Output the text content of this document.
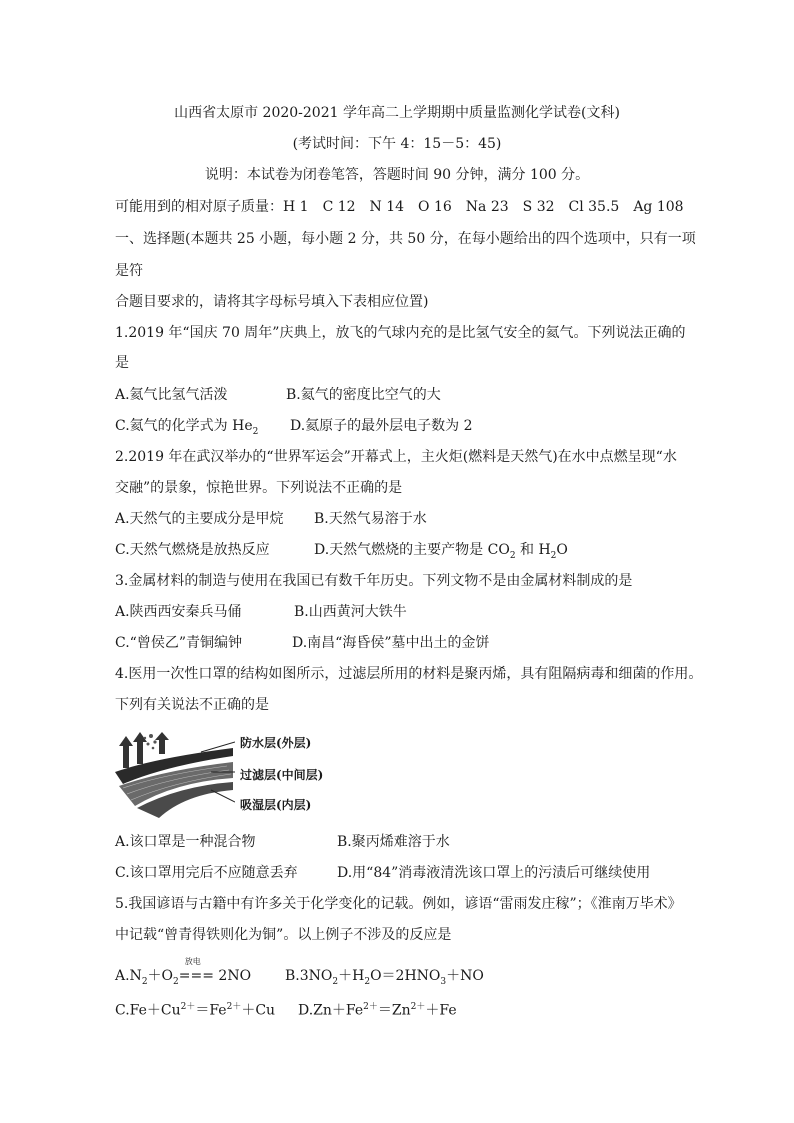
山西省太原市 2020-2021 学年高二上学期期中质量监测化学试卷(文科)
(考试时间：下午 4：15－5：45)
说明：本试卷为闭卷笔答，答题时间 90 分钟，满分 100 分。
可能用到的相对原子质量：H 1　C 12　N 14　O 16　Na 23　S 32　Cl 35.5　Ag 108
一、选择题(本题共 25 小题，每小题 2 分，共 50 分，在每小题给出的四个选项中，只有一项
是符
合题目要求的，请将其字母标号填入下表相应位置)
1.2019 年“国庆 70 周年”庆典上，放飞的气球内充的是比氢气安全的氦气。下列说法正确的
是
A.氦气比氢气活泼	B.氦气的密度比空气的大
C.氦气的化学式为 $He_2$ D.氦原子的最外层电子数为 2
2.2019 年在武汉举办的“世界军运会”开幕式上，主火炬(燃料是天然气)在水中点燃呈现“水
交融”的景象，惊艳世界。下列说法不正确的是
A.天然气的主要成分是甲烷 B.天然气易溶于水
C.天然气燃烧是放热反应	D.天然气燃烧的主要产物是 $CO_2$ 和 $H_2O$
3.金属材料的制造与使用在我国已有数千年历史。下列文物不是由金属材料制成的是
A.陕西西安秦兵马俑	B.山西黄河大铁牛
C.“曾侯乙”青铜编钟	D.南昌“海昏侯”墓中出土的金饼
4.医用一次性口罩的结构如图所示，过滤层所用的材料是聚丙烯，具有阻隔病毒和细菌的作用。
下列有关说法不正确的是
防水层(外层)
过滤层(中间层)
吸湿层(内层)
A.该口罩是一种混合物	B.聚丙烯难溶于水
C.该口罩用完后不应随意丢弃	D.用“84”消毒液清洗该口罩上的污渍后可继续使用
5.我国谚语与古籍中有许多关于化学变化的记载。例如，谚语“雷雨发庄稼”；《淮南万毕术》
中记载“曾青得铁则化为铜”。以上例子不涉及的反应是
$A.N_2+O_2$
放电
=== 2NO $B.3NO_2+H_2O=2HNO_3+NO$
$C.Fe+Cu^{2+}=Fe^{2+}+Cu$ $D.Zn+Fe^{2+}=Zn^{2+}+Fe$
